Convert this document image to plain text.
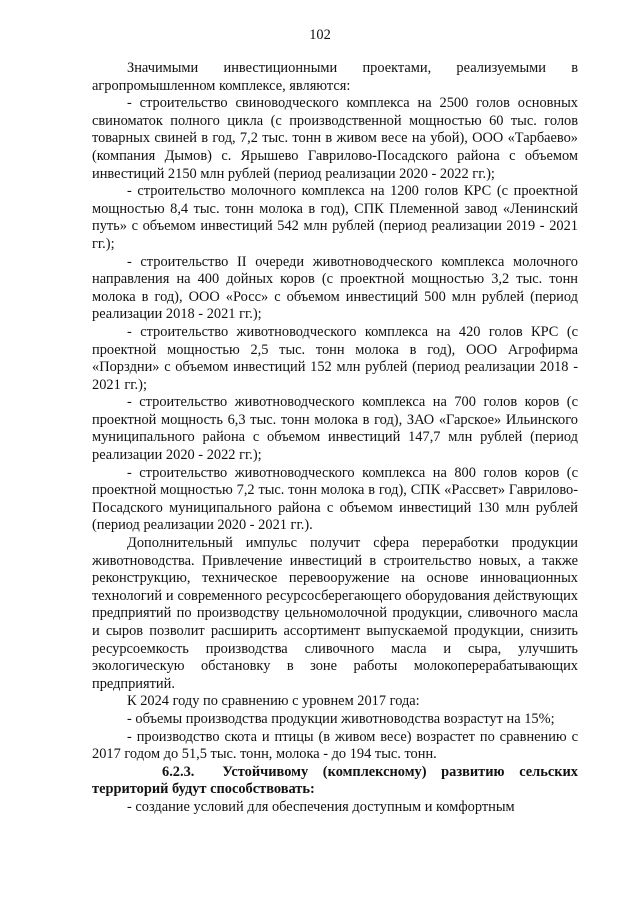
102

Значимыми инвестиционными проектами, реализуемыми в агропромышленном комплексе, являются:

- строительство свиноводческого комплекса на 2500 голов основных свиноматок полного цикла (с производственной мощностью 60 тыс. голов товарных свиней в год, 7,2 тыс. тонн в живом весе на убой), ООО «Тарбаево» (компания Дымов) с. Ярышево Гаврилово-Посадского района с объемом инвестиций 2150 млн рублей (период реализации 2020 - 2022 гг.);

- строительство молочного комплекса на 1200 голов КРС (с проектной мощностью 8,4 тыс. тонн молока в год), СПК Племенной завод «Ленинский путь» с объемом инвестиций 542 млн рублей (период реализации 2019 - 2021 гг.);

- строительство II очереди животноводческого комплекса молочного направления на 400 дойных коров (с проектной мощностью 3,2 тыс. тонн молока в год), ООО «Росс» с объемом инвестиций 500 млн рублей (период реализации 2018 - 2021 гг.);

- строительство животноводческого комплекса на 420 голов КРС (с проектной мощностью 2,5 тыс. тонн молока в год), ООО Агрофирма «Порздни» с объемом инвестиций 152 млн рублей (период реализации 2018 - 2021 гг.);

- строительство животноводческого комплекса на 700 голов коров (с проектной мощность 6,3 тыс. тонн молока в год), ЗАО «Гарское» Ильинского муниципального района с объемом инвестиций 147,7 млн рублей (период реализации 2020 - 2022 гг.);

- строительство животноводческого комплекса на 800 голов коров (с проектной мощностью 7,2 тыс. тонн молока в год), СПК «Рассвет» Гаврилово-Посадского муниципального района с объемом инвестиций 130 млн рублей (период реализации 2020 - 2021 гг.).

Дополнительный импульс получит сфера переработки продукции животноводства. Привлечение инвестиций в строительство новых, а также реконструкцию, техническое перевооружение на основе инновационных технологий и современного ресурсосберегающего оборудования действующих предприятий по производству цельномолочной продукции, сливочного масла и сыров позволит расширить ассортимент выпускаемой продукции, снизить ресурсоемкость производства сливочного масла и сыра, улучшить экологическую обстановку в зоне работы молокоперерабатывающих предприятий.

К 2024 году по сравнению с уровнем 2017 года:

- объемы производства продукции животноводства возрастут на 15%;

- производство скота и птицы (в живом весе) возрастет по сравнению с 2017 годом до 51,5 тыс. тонн, молока - до 194 тыс. тонн.

6.2.3. Устойчивому (комплексному) развитию сельских территорий будут способствовать:

- создание условий для обеспечения доступным и комфортным
